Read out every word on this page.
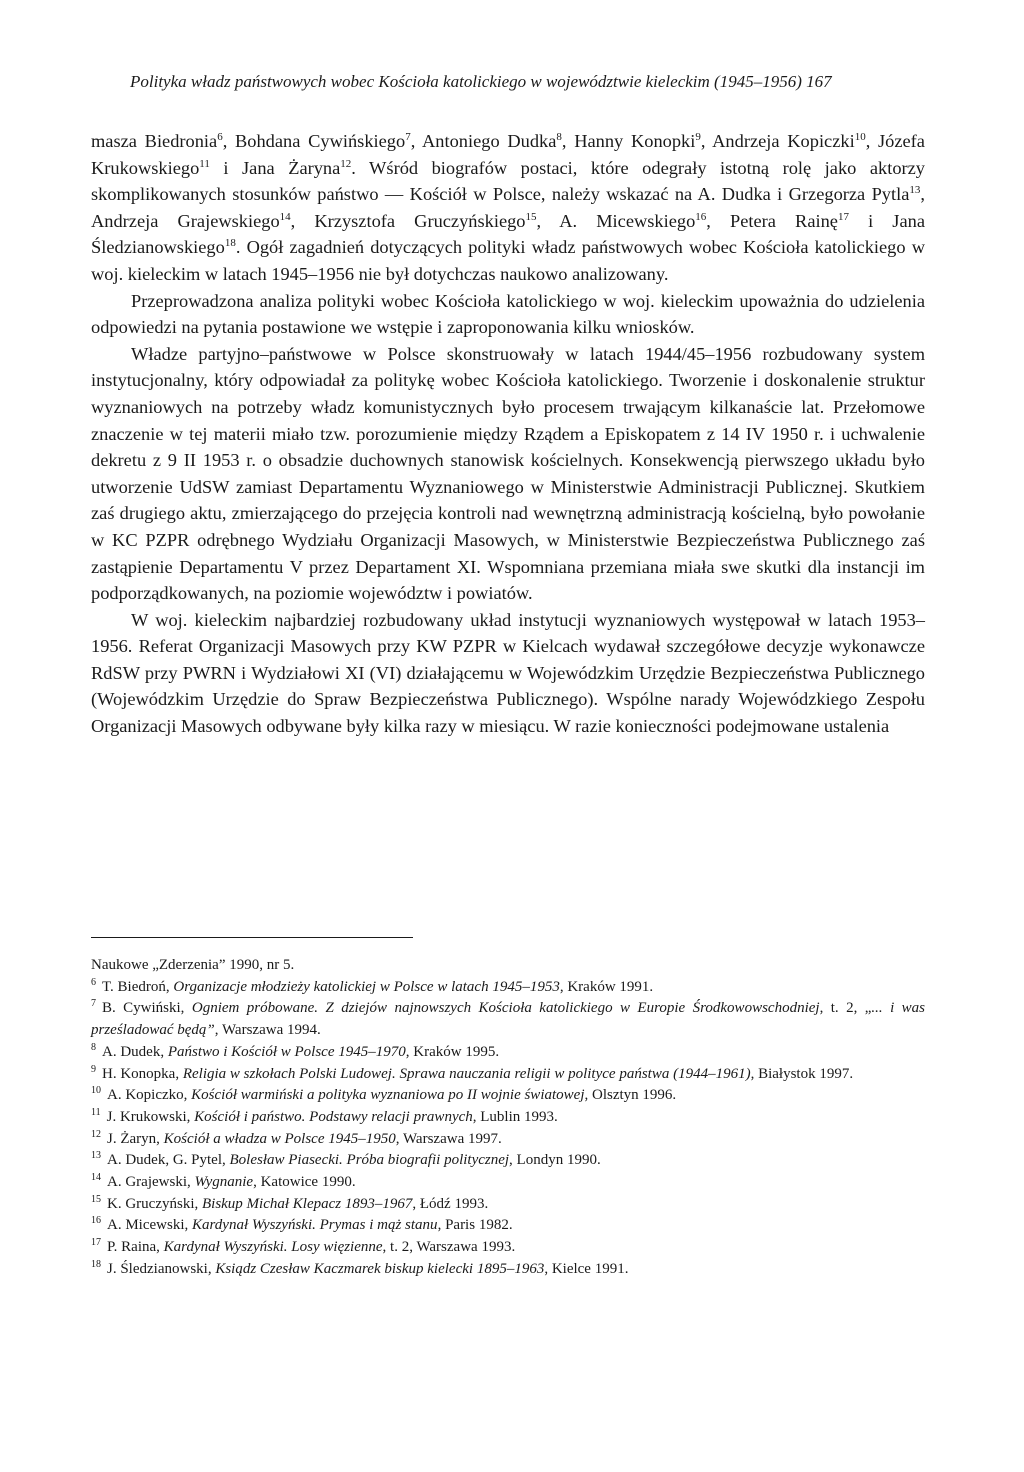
Polityka władz państwowych wobec Kościoła katolickiego w województwie kieleckim (1945–1956) 167

masza Biedronia$^6$, Bohdana Cywińskiego$^7$, Antoniego Dudka$^8$, Hanny Konopki$^9$, Andrzeja Kopiczki$^{10}$, Józefa Krukowskiego$^{11}$ i Jana Żaryna$^{12}$. Wśród biografów postaci, które odegrały istotną rolę jako aktorzy skomplikowanych stosunków państwo — Kościół w Polsce, należy wskazać na A. Dudka i Grzegorza Pytla$^{13}$, Andrzeja Grajewskiego$^{14}$, Krzysztofa Gruczyńskiego$^{15}$, A. Micewskiego$^{16}$, Petera Rainę$^{17}$ i Jana Śledzianowskiego$^{18}$. Ogół zagadnień dotyczących polityki władz państwowych wobec Kościoła katolickiego w woj. kieleckim w latach 1945–1956 nie był dotychczas naukowo analizowany.

Przeprowadzona analiza polityki wobec Kościoła katolickiego w woj. kieleckim upoważnia do udzielenia odpowiedzi na pytania postawione we wstępie i zaproponowania kilku wniosków.

Władze partyjno–państwowe w Polsce skonstruowały w latach 1944/45–1956 rozbudowany system instytucjonalny, który odpowiadał za politykę wobec Kościoła katolickiego. Tworzenie i doskonalenie struktur wyznaniowych na potrzeby władz komunistycznych było procesem trwającym kilkanaście lat. Przełomowe znaczenie w tej materii miało tzw. porozumienie między Rządem a Episkopatem z 14 IV 1950 r. i uchwalenie dekretu z 9 II 1953 r. o obsadzie duchownych stanowisk kościelnych. Konsekwencją pierwszego układu było utworzenie UdSW zamiast Departamentu Wyznaniowego w Ministerstwie Administracji Publicznej. Skutkiem zaś drugiego aktu, zmierzającego do przejęcia kontroli nad wewnętrzną administracją kościelną, było powołanie w KC PZPR odrębnego Wydziału Organizacji Masowych, w Ministerstwie Bezpieczeństwa Publicznego zaś zastąpienie Departamentu V przez Departament XI. Wspomniana przemiana miała swe skutki dla instancji im podporządkowanych, na poziomie województw i powiatów.

W woj. kieleckim najbardziej rozbudowany układ instytucji wyznaniowych występował w latach 1953–1956. Referat Organizacji Masowych przy KW PZPR w Kielcach wydawał szczegółowe decyzje wykonawcze RdSW przy PWRN i Wydziałowi XI (VI) działającemu w Wojewódzkim Urzędzie Bezpieczeństwa Publicznego (Wojewódzkim Urzędzie do Spraw Bezpieczeństwa Publicznego). Wspólne narady Wojewódzkiego Zespołu Organizacji Masowych odbywane były kilka razy w miesiącu. W razie konieczności podejmowane ustalenia

Naukowe „Zderzenia” 1990, nr 5.

$^6$ T. Biedroń, Organizacje młodzieży katolickiej w Polsce w latach 1945–1953, Kraków 1991.

$^7$ B. Cywiński, Ogniem próbowane. Z dziejów najnowszych Kościoła katolickiego w Europie Środkowowschodniej, t. 2, „... i was prześladować będą”, Warszawa 1994.

$^8$ A. Dudek, Państwo i Kościół w Polsce 1945–1970, Kraków 1995.

$^9$ H. Konopka, Religia w szkołach Polski Ludowej. Sprawa nauczania religii w polityce państwa (1944–1961), Białystok 1997.

$^{10}$ A. Kopiczko, Kościół warmiński a polityka wyznaniowa po II wojnie światowej, Olsztyn 1996.

$^{11}$ J. Krukowski, Kościół i państwo. Podstawy relacji prawnych, Lublin 1993.

$^{12}$ J. Żaryn, Kościół a władza w Polsce 1945–1950, Warszawa 1997.

$^{13}$ A. Dudek, G. Pytel, Bolesław Piasecki. Próba biografii politycznej, Londyn 1990.

$^{14}$ A. Grajewski, Wygnanie, Katowice 1990.

$^{15}$ K. Gruczyński, Biskup Michał Klepacz 1893–1967, Łódź 1993.

$^{16}$ A. Micewski, Kardynał Wyszyński. Prymas i mąż stanu, Paris 1982.

$^{17}$ P. Raina, Kardynał Wyszyński. Losy więzienne, t. 2, Warszawa 1993.

$^{18}$ J. Śledzianowski, Ksiądz Czesław Kaczmarek biskup kielecki 1895–1963, Kielce 1991.
